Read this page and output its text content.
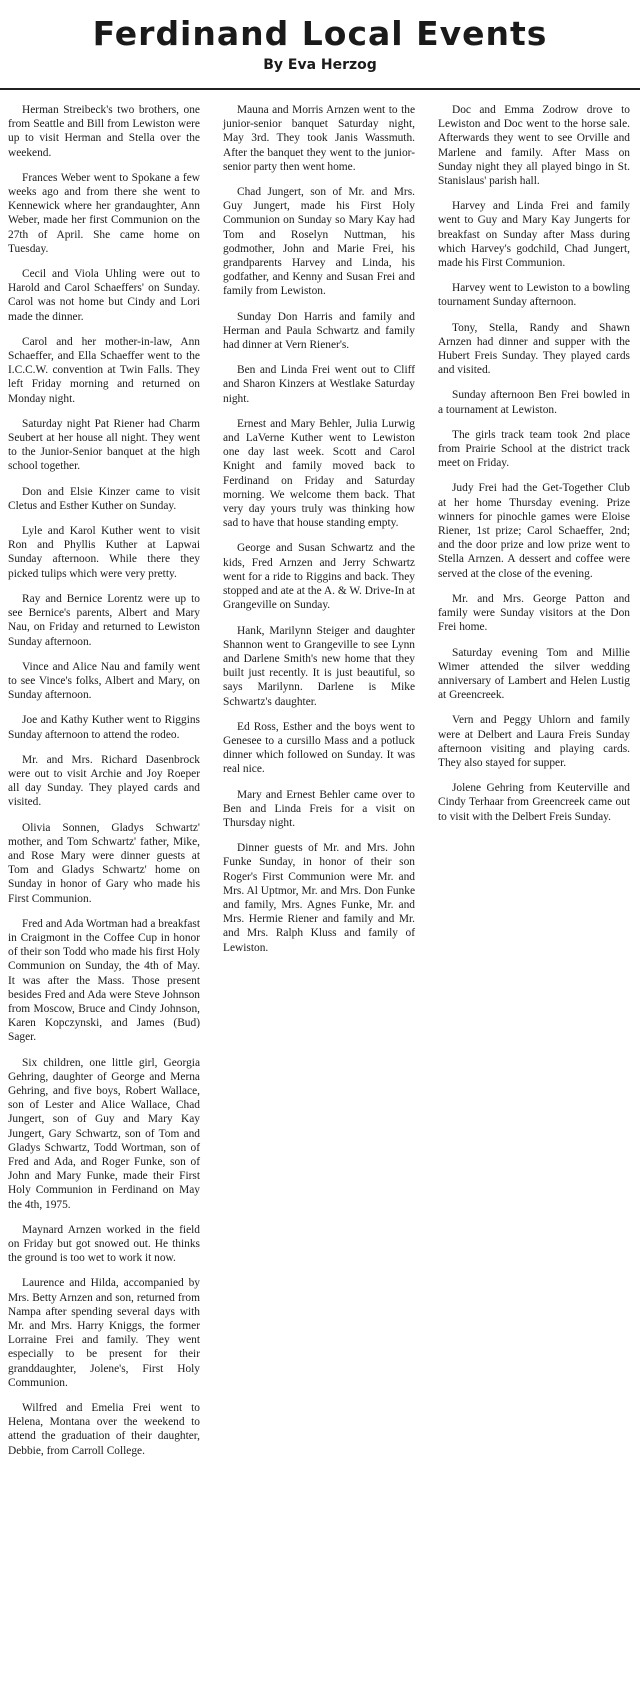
Ferdinand Local Events
By Eva Herzog

Herman Streibeck's two brothers, one from Seattle and Bill from Lewiston were up to visit Herman and Stella over the weekend.

Frances Weber went to Spokane a few weeks ago and from there she went to Kennewick where her grandaughter, Ann Weber, made her first Communion on the 27th of April. She came home on Tuesday.

Cecil and Viola Uhling were out to Harold and Carol Schaeffers' on Sunday. Carol was not home but Cindy and Lori made the dinner.

Carol and her mother-in-law, Ann Schaeffer, and Ella Schaeffer went to the I.C.C.W. convention at Twin Falls. They left Friday morning and returned on Monday night.

Saturday night Pat Riener had Charm Seubert at her house all night. They went to the Junior-Senior banquet at the high school together.

Don and Elsie Kinzer came to visit Cletus and Esther Kuther on Sunday.

Lyle and Karol Kuther went to visit Ron and Phyllis Kuther at Lapwai Sunday afternoon. While there they picked tulips which were very pretty.

Ray and Bernice Lorentz were up to see Bernice's parents, Albert and Mary Nau, on Friday and returned to Lewiston Sunday afternoon.

Vince and Alice Nau and family went to see Vince's folks, Albert and Mary, on Sunday afternoon.

Joe and Kathy Kuther went to Riggins Sunday afternoon to attend the rodeo.

Mr. and Mrs. Richard Dasenbrock were out to visit Archie and Joy Roeper all day Sunday. They played cards and visited.

Olivia Sonnen, Gladys Schwartz' mother, and Tom Schwartz' father, Mike, and Rose Mary were dinner guests at Tom and Gladys Schwartz' home on Sunday in honor of Gary who made his First Communion.

Fred and Ada Wortman had a breakfast in Craigmont in the Coffee Cup in honor of their son Todd who made his first Holy Communion on Sunday, the 4th of May. It was after the Mass. Those present besides Fred and Ada were Steve Johnson from Moscow, Bruce and Cindy Johnson, Karen Kopczynski, and James (Bud) Sager.

Six children, one little girl, Georgia Gehring, daughter of George and Merna Gehring, and five boys, Robert Wallace, son of Lester and Alice Wallace, Chad Jungert, son of Guy and Mary Kay Jungert, Gary Schwartz, son of Tom and Gladys Schwartz, Todd Wortman, son of Fred and Ada, and Roger Funke, son of John and Mary Funke, made their First Holy Communion in Ferdinand on May the 4th, 1975.

Maynard Arnzen worked in the field on Friday but got snowed out. He thinks the ground is too wet to work it now.

Laurence and Hilda, accompanied by Mrs. Betty Arnzen and son, returned from Nampa after spending several days with Mr. and Mrs. Harry Kniggs, the former Lorraine Frei and family. They went especially to be present for their granddaughter, Jolene's, First Holy Communion.

Wilfred and Emelia Frei went to Helena, Montana over the weekend to attend the graduation of their daughter, Debbie, from Carroll College.

Mauna and Morris Arnzen went to the junior-senior banquet Saturday night, May 3rd. They took Janis Wassmuth. After the banquet they went to the junior-senior party then went home.

Chad Jungert, son of Mr. and Mrs. Guy Jungert, made his First Holy Communion on Sunday so Mary Kay had Tom and Roselyn Nuttman, his godmother, John and Marie Frei, his grandparents Harvey and Linda, his godfather, and Kenny and Susan Frei and family from Lewiston.

Sunday Don Harris and family and Herman and Paula Schwartz and family had dinner at Vern Riener's.

Ben and Linda Frei went out to Cliff and Sharon Kinzers at Westlake Saturday night.

Ernest and Mary Behler, Julia Lurwig and LaVerne Kuther went to Lewiston one day last week. Scott and Carol Knight and family moved back to Ferdinand on Friday and Saturday morning. We welcome them back. That very day yours truly was thinking how sad to have that house standing empty.

George and Susan Schwartz and the kids, Fred Arnzen and Jerry Schwartz went for a ride to Riggins and back. They stopped and ate at the A. & W. Drive-In at Grangeville on Sunday.

Hank, Marilynn Steiger and daughter Shannon went to Grangeville to see Lynn and Darlene Smith's new home that they built just recently. It is just beautiful, so says Marilynn. Darlene is Mike Schwartz's daughter.

Ed Ross, Esther and the boys went to Genesee to a cursillo Mass and a potluck dinner which followed on Sunday. It was real nice.

Mary and Ernest Behler came over to Ben and Linda Freis for a visit on Thursday night.

Dinner guests of Mr. and Mrs. John Funke Sunday, in honor of their son Roger's First Communion were Mr. and Mrs. Al Uptmor, Mr. and Mrs. Don Funke and family, Mrs. Agnes Funke, Mr. and Mrs. Hermie Riener and family and Mr. and Mrs. Ralph Kluss and family of Lewiston.

Doc and Emma Zodrow drove to Lewiston and Doc went to the horse sale. Afterwards they went to see Orville and Marlene and family. After Mass on Sunday night they all played bingo in St. Stanislaus' parish hall.

Harvey and Linda Frei and family went to Guy and Mary Kay Jungerts for breakfast on Sunday after Mass during which Harvey's godchild, Chad Jungert, made his First Communion.

Harvey went to Lewiston to a bowling tournament Sunday afternoon.

Tony, Stella, Randy and Shawn Arnzen had dinner and supper with the Hubert Freis Sunday. They played cards and visited.

Sunday afternoon Ben Frei bowled in a tournament at Lewiston.

The girls track team took 2nd place from Prairie School at the district track meet on Friday.

Judy Frei had the Get-Together Club at her home Thursday evening. Prize winners for pinochle games were Eloise Riener, 1st prize; Carol Schaeffer, 2nd; and the door prize and low prize went to Stella Arnzen. A dessert and coffee were served at the close of the evening.

Mr. and Mrs. George Patton and family were Sunday visitors at the Don Frei home.

Saturday evening Tom and Millie Wimer attended the silver wedding anniversary of Lambert and Helen Lustig at Greencreek.

Vern and Peggy Uhlorn and family were at Delbert and Laura Freis Sunday afternoon visiting and playing cards. They also stayed for supper.

Jolene Gehring from Keuterville and Cindy Terhaar from Greencreek came out to visit with the Delbert Freis Sunday.
